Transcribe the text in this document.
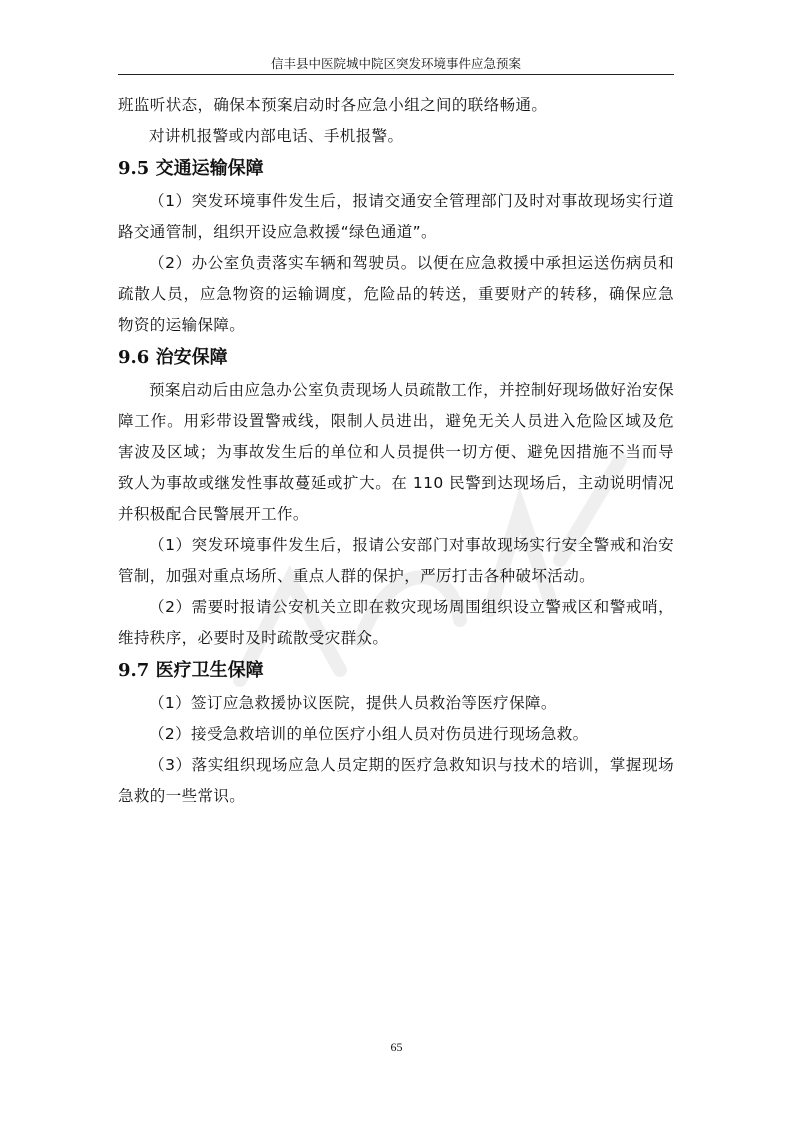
信丰县中医院城中院区突发环境事件应急预案
班监听状态，确保本预案启动时各应急小组之间的联络畅通。
对讲机报警或内部电话、手机报警。
9.5 交通运输保障
（1）突发环境事件发生后，报请交通安全管理部门及时对事故现场实行道路交通管制，组织开设应急救援“绿色通道”。
（2）办公室负责落实车辆和驾驶员。以便在应急救援中承担运送伤病员和疏散人员，应急物资的运输调度，危险品的转送，重要财产的转移，确保应急物资的运输保障。
9.6 治安保障
预案启动后由应急办公室负责现场人员疏散工作，并控制好现场做好治安保障工作。用彩带设置警戒线，限制人员进出，避免无关人员进入危险区域及危害波及区域；为事故发生后的单位和人员提供一切方便、避免因措施不当而导致人为事故或继发性事故蔓延或扩大。在 110 民警到达现场后，主动说明情况并积极配合民警展开工作。
（1）突发环境事件发生后，报请公安部门对事故现场实行安全警戒和治安管制，加强对重点场所、重点人群的保护，严厉打击各种破坏活动。
（2）需要时报请公安机关立即在救灾现场周围组织设立警戒区和警戒哨，维持秩序，必要时及时疏散受灾群众。
9.7 医疗卫生保障
（1）签订应急救援协议医院，提供人员救治等医疗保障。
（2）接受急救培训的单位医疗小组人员对伤员进行现场急救。
（3）落实组织现场应急人员定期的医疗急救知识与技术的培训，掌握现场急救的一些常识。
65
